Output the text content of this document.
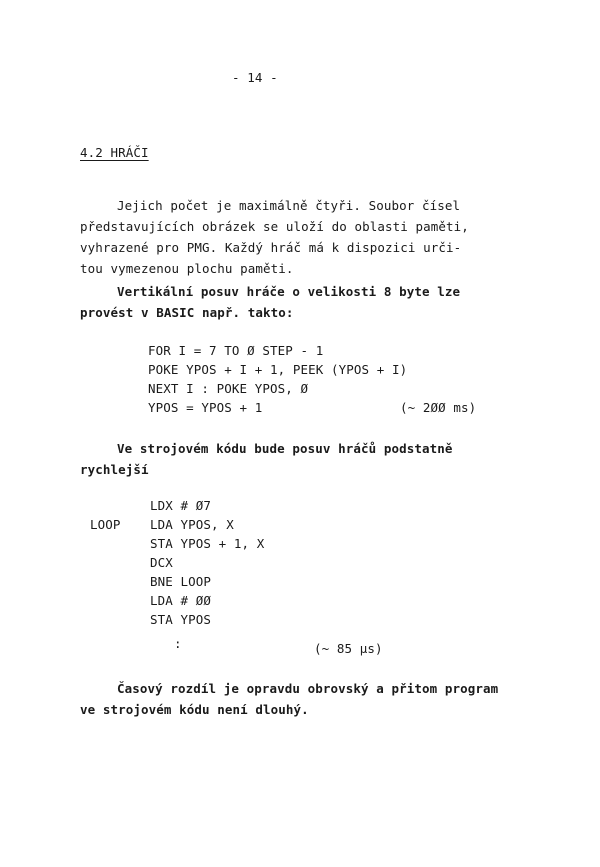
- 14 -
4.2 HRÁČI
Jejich počet je maximálně čtyři. Soubor čísel
představujících obrázek se uloží do oblasti paměti,
vyhrazené pro PMG. Každý hráč má k dispozici urči-
tou vymezenou plochu paměti.
Vertikální posuv hráče o velikosti 8 byte lze
provést v BASIC např. takto:
FOR I = 7 TO Ø STEP - 1
POKE YPOS + I + 1, PEEK (YPOS + I)
NEXT I : POKE YPOS, Ø
YPOS = YPOS + 1	(~ 2ØØ ms)
Ve strojovém kódu bude posuv hráčů podstatně
rychlejší
LOOP
LDX # Ø7
LDA YPOS, X
STA YPOS + 1, X
DCX
BNE LOOP
LDA # ØØ
STA YPOS
:	(~ 85 µs)
Časový rozdíl je opravdu obrovský a přitom program
ve strojovém kódu není dlouhý.
